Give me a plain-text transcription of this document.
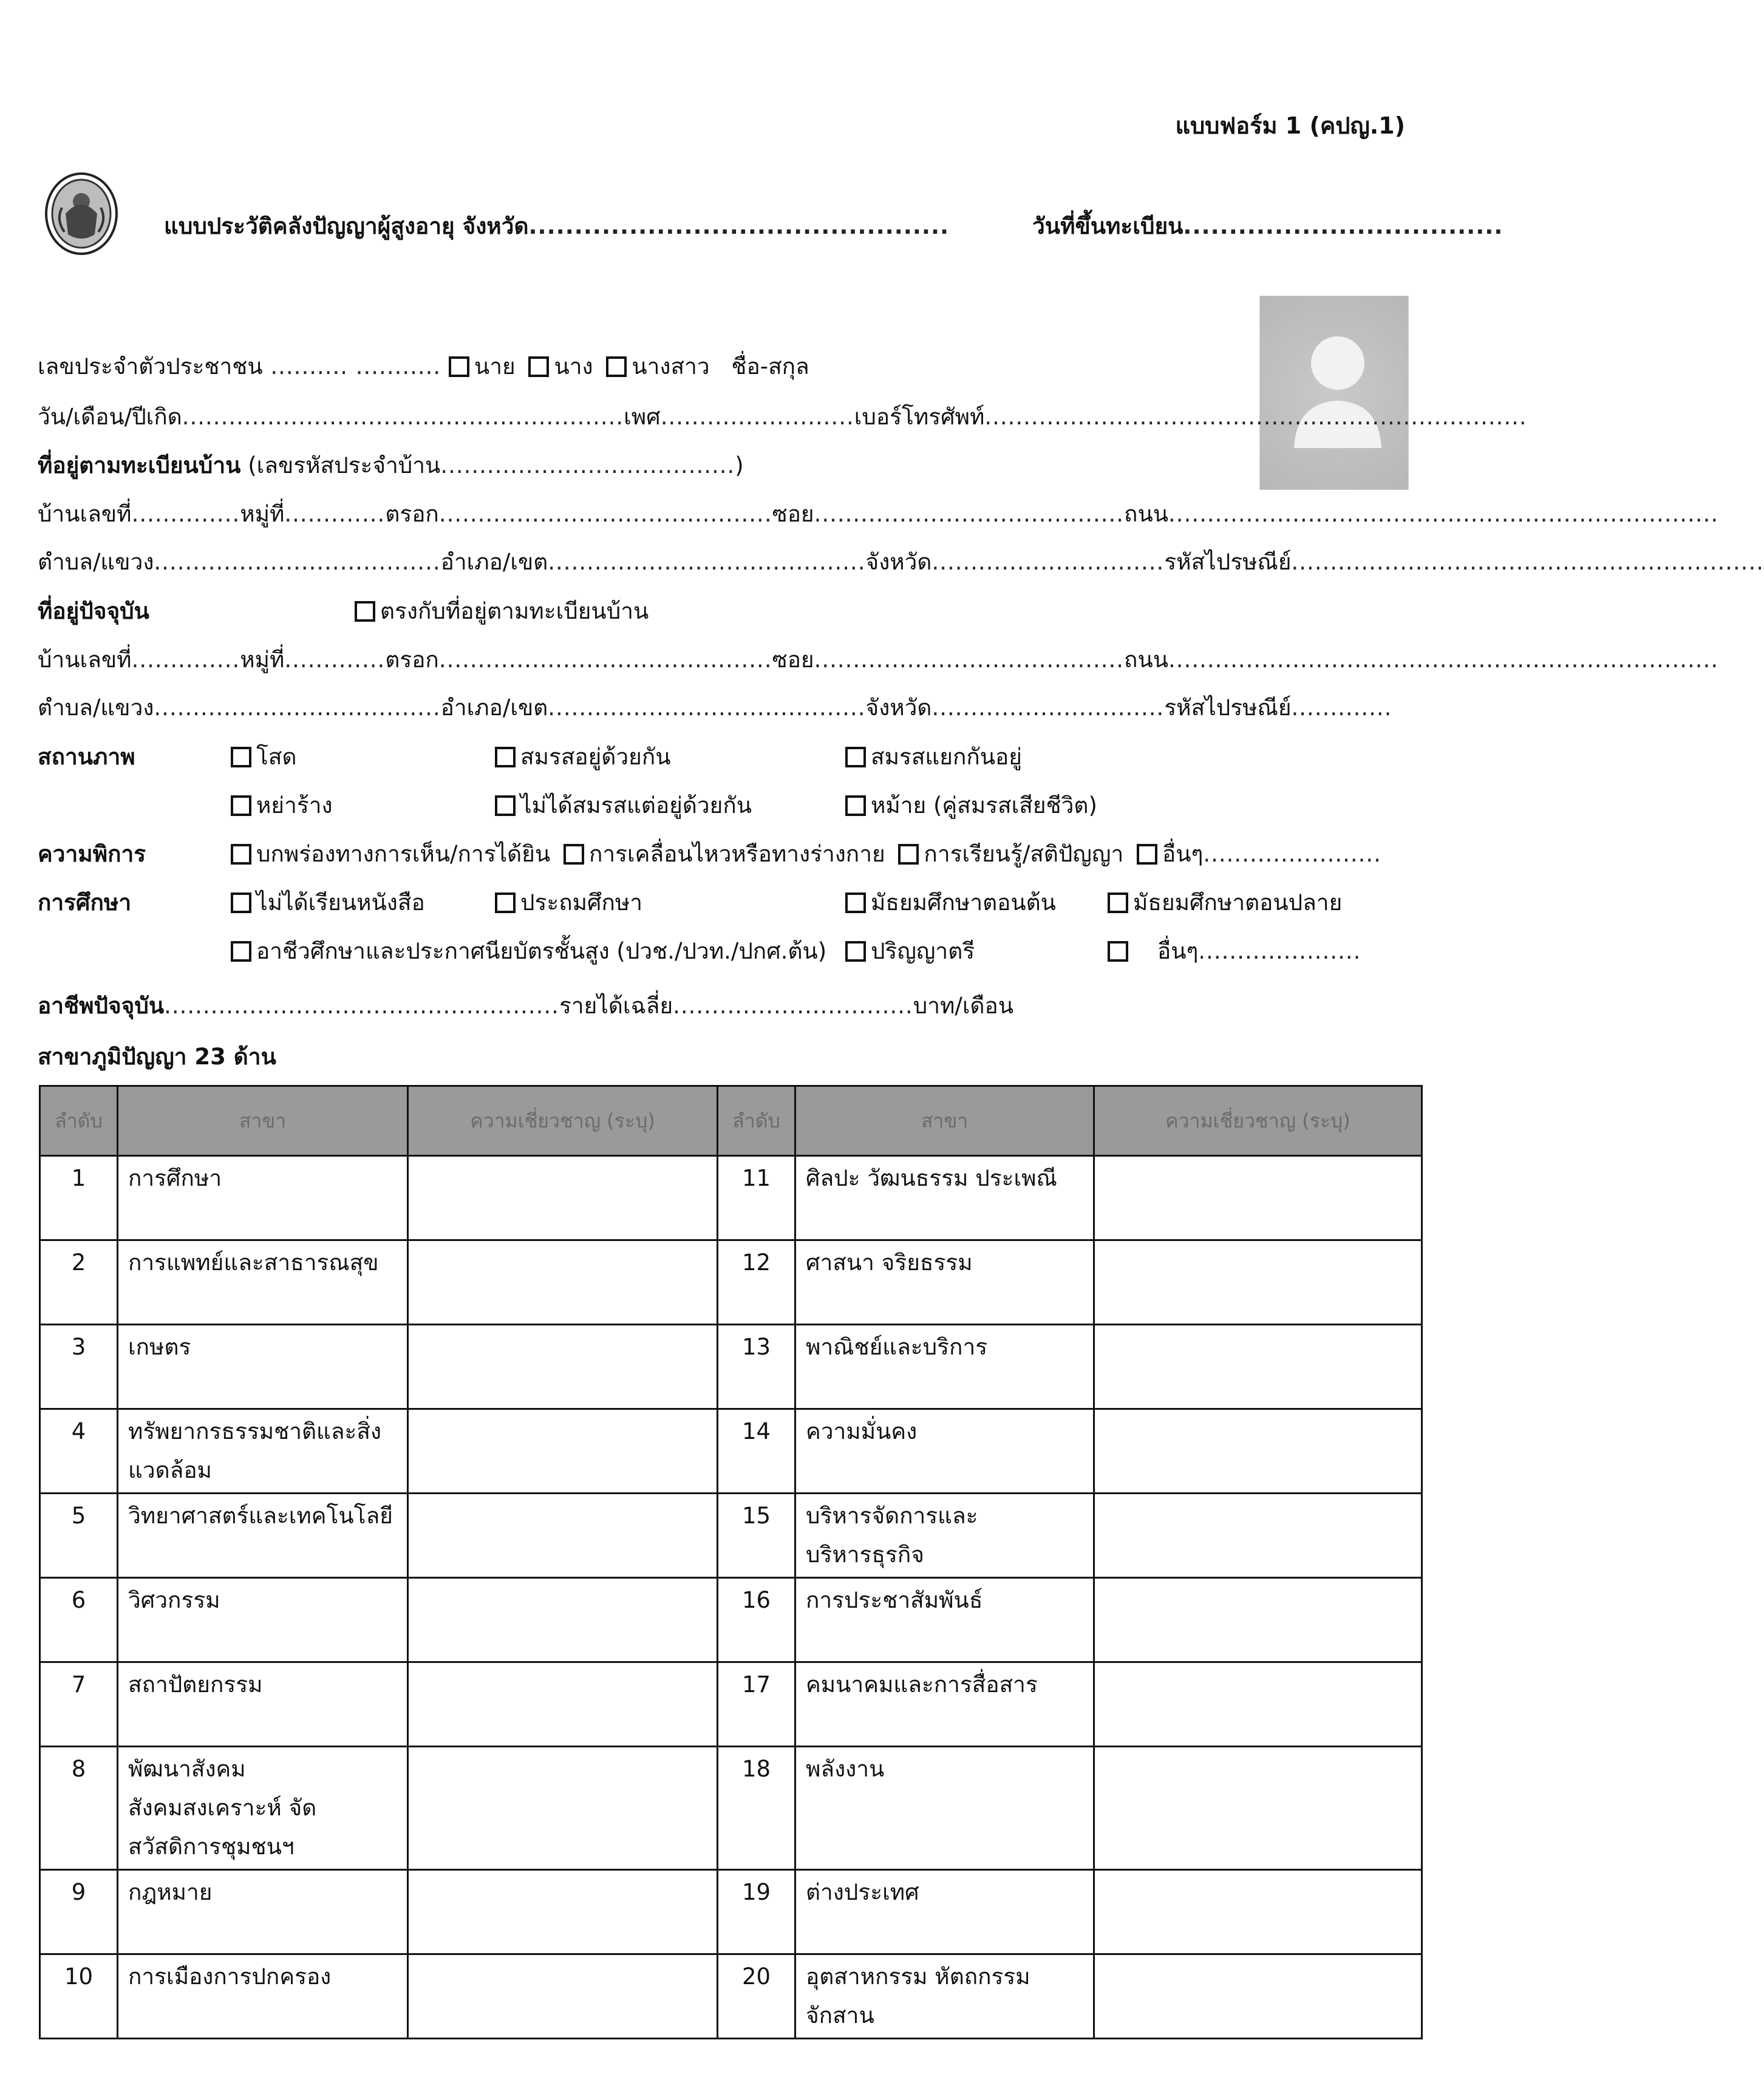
แบบฟอร์ม 1 (คปญ.1)
แบบประวัติคลังปัญญาผู้สูงอายุ จังหวัด..............................................	วันที่ขึ้นทะเบียน...................................
เลขประจำตัวประชาชน .......... ........... นาย นาง นางสาว ชื่อ-สกุล
วัน/เดือน/ปีเกิด.........................................................เพศ.........................เบอร์โทรศัพท์......................................................................
ที่อยู่ตามทะเบียนบ้าน (เลขรหัสประจำบ้าน......................................)
บ้านเลขที่..............หมู่ที่.............ตรอก...........................................ซอย........................................ถนน.......................................................................
ตำบล/แขวง.....................................อำเภอ/เขต.........................................จังหวัด..............................รหัสไปรษณีย์.............................................................
ที่อยู่ปัจจุบัน	ตรงกับที่อยู่ตามทะเบียนบ้าน
บ้านเลขที่..............หมู่ที่.............ตรอก...........................................ซอย........................................ถนน.......................................................................
ตำบล/แขวง.....................................อำเภอ/เขต.........................................จังหวัด..............................รหัสไปรษณีย์.............
สถานภาพ	โสด	สมรสอยู่ด้วยกัน	สมรสแยกกันอยู่
หย่าร้าง	ไม่ได้สมรสแต่อยู่ด้วยกัน	หม้าย (คู่สมรสเสียชีวิต)
ความพิการ	บกพร่องทางการเห็น/การได้ยิน การเคลื่อนไหวหรือทางร่างกาย การเรียนรู้/สติปัญญา อื่นๆ.......................
การศึกษา	ไม่ได้เรียนหนังสือ	ประถมศึกษา	มัธยมศึกษาตอนต้น	มัธยมศึกษาตอนปลาย
อาชีวศึกษาและประกาศนียบัตรชั้นสูง (ปวช./ปวท./ปกศ.ต้น)	ปริญญาตรี	อื่นๆ.....................
อาชีพปัจจุบัน...................................................รายได้เฉลี่ย...............................บาท/เดือน
สาขาภูมิปัญญา 23 ด้าน
ลำดับ	สาขา	ความเชี่ยวชาญ (ระบุ)	ลำดับ	สาขา	ความเชี่ยวชาญ (ระบุ)
1	การศึกษา		11	ศิลปะ วัฒนธรรม ประเพณี	
2	การแพทย์และสาธารณสุข		12	ศาสนา จริยธรรม	
3	เกษตร		13	พาณิชย์และบริการ	
4	ทรัพยากรธรรมชาติและสิ่งแวดล้อม		14	ความมั่นคง	
5	วิทยาศาสตร์และเทคโนโลยี		15	บริหารจัดการและบริหารธุรกิจ	
6	วิศวกรรม		16	การประชาสัมพันธ์	
7	สถาปัตยกรรม		17	คมนาคมและการสื่อสาร	
8	พัฒนาสังคม สังคมสงเคราะห์ จัดสวัสดิการชุมชนฯ		18	พลังงาน	
9	กฎหมาย		19	ต่างประเทศ	
10	การเมืองการปกครอง		20	อุตสาหกรรม หัตถกรรม จักสาน	
